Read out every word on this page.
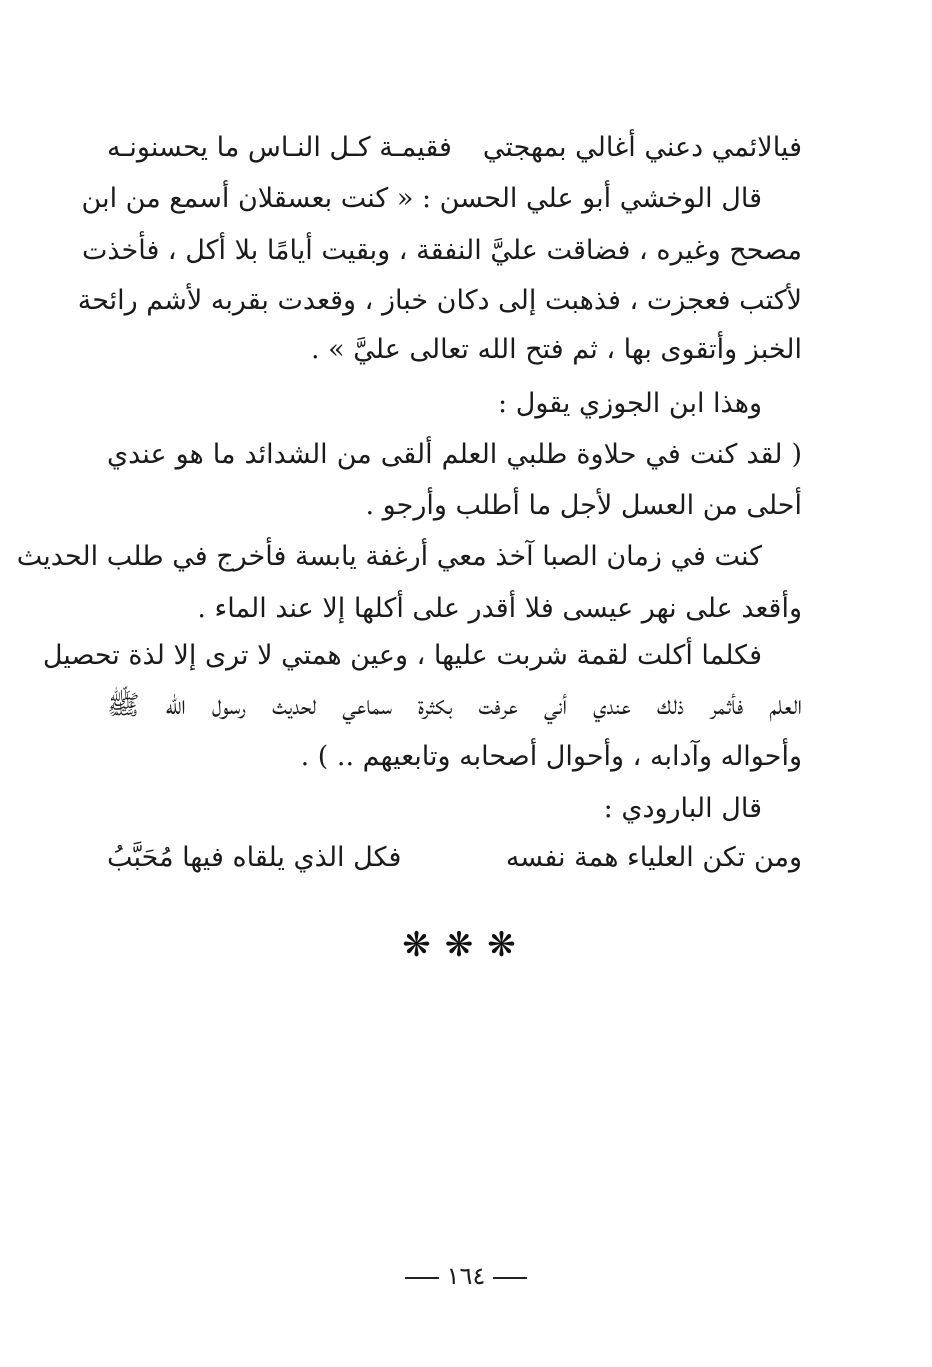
فيالائمي دعني أغالي بمهجتي
فقيمـة كـل النـاس ما يحسنونـه
قال الوخشي أبو علي الحسن : « كنت بعسقلان أسمع من ابن
مصحح وغيره ، فضاقت عليَّ النفقة ، وبقيت أيامًا بلا أكل ، فأخذت
لأكتب فعجزت ، فذهبت إلى دكان خباز ، وقعدت بقربه لأشم رائحة
الخبز وأتقوى بها ، ثم فتح الله تعالى عليَّ » .
وهذا ابن الجوزي يقول :
( لقد كنت في حلاوة طلبي العلم ألقى من الشدائد ما هو عندي
أحلى من العسل لأجل ما أطلب وأرجو .
كنت في زمان الصبا آخذ معي أرغفة يابسة فأخرج في طلب الحديث
وأقعد على نهر عيسى فلا أقدر على أكلها إلا عند الماء .
فكلما أكلت لقمة شربت عليها ، وعين همتي لا ترى إلا لذة تحصيل
العلم فأثمر ذلك عندي أني عرفت بكثرة سماعي لحديث رسول الله ﷺ
وأحواله وآدابه ، وأحوال أصحابه وتابعيهم .. ) .
قال البارودي :
ومن تكن العلياء همة نفسه
فكل الذي يلقاه فيها مُحَبَّبُ
❋❋❋
١٦٤
